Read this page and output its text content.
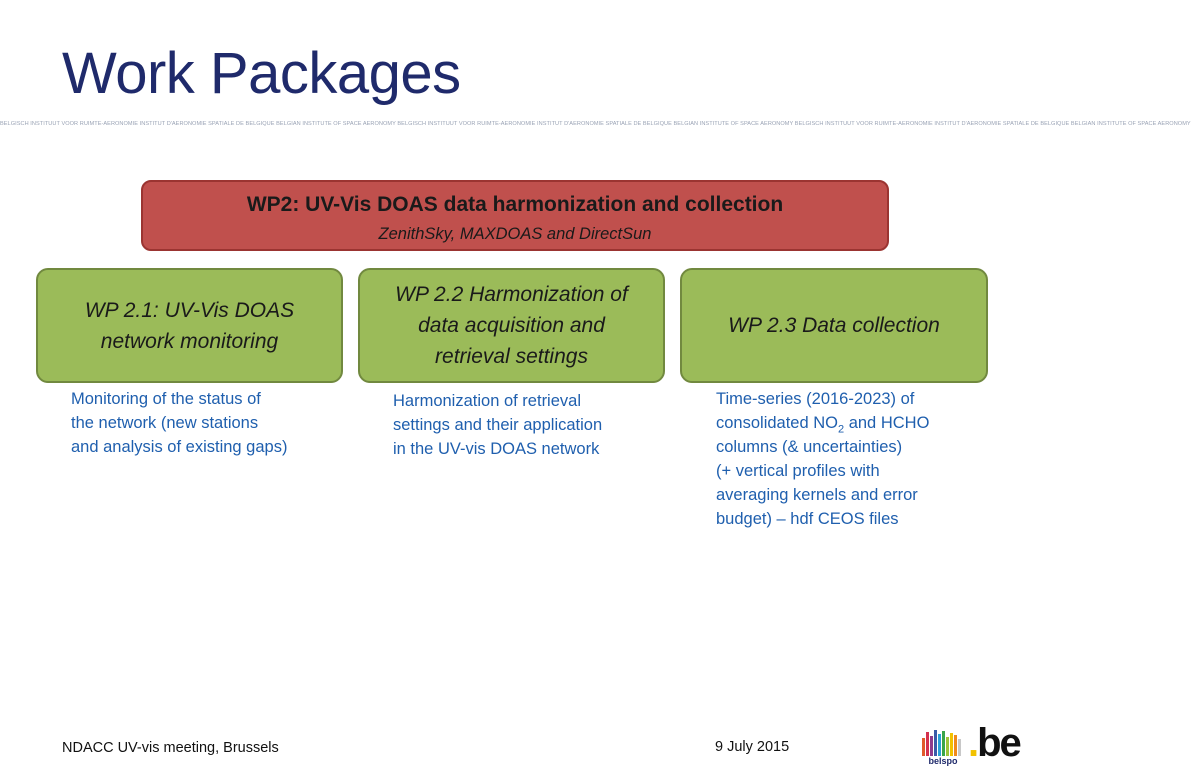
Work Packages
BELGISCH INSTITUUT VOOR RUIMTE-AERONOMIE INSTITUT D'AERONOMIE SPATIALE DE BELGIQUE BELGIAN INSTITUTE OF SPACE AERONOMY BELGISCH INSTITUUT VOOR RUIMTE-AERONOMIE INSTITUT D'AERONOMIE SPATIALE DE BELGIQUE BELGIAN INSTITUTE OF SPACE AERONOMY BELGISCH INSTITUUT VOOR RUIMTE-AERONOMIE INSTITUT D'AERONOMIE SPATIALE DE BELGIQUE BELGIAN INSTITUTE OF SPACE AERONOMY
WP2: UV-Vis DOAS data harmonization and collection
ZenithSky, MAXDOAS and DirectSun
WP 2.1: UV-Vis DOAS
network monitoring
WP 2.2 Harmonization of
data acquisition and
retrieval settings
WP 2.3 Data collection
Monitoring of the status of
the network (new stations
and analysis of existing gaps)
Harmonization of retrieval
settings and their application
in the UV-vis DOAS network
Time-series (2016-2023) of
consolidated $NO_2$ and HCHO
columns (& uncertainties)
(+ vertical profiles with
averaging kernels and error
budget) – hdf CEOS files
NDACC UV-vis meeting, Brussels	9 July 2015
belspo .be
